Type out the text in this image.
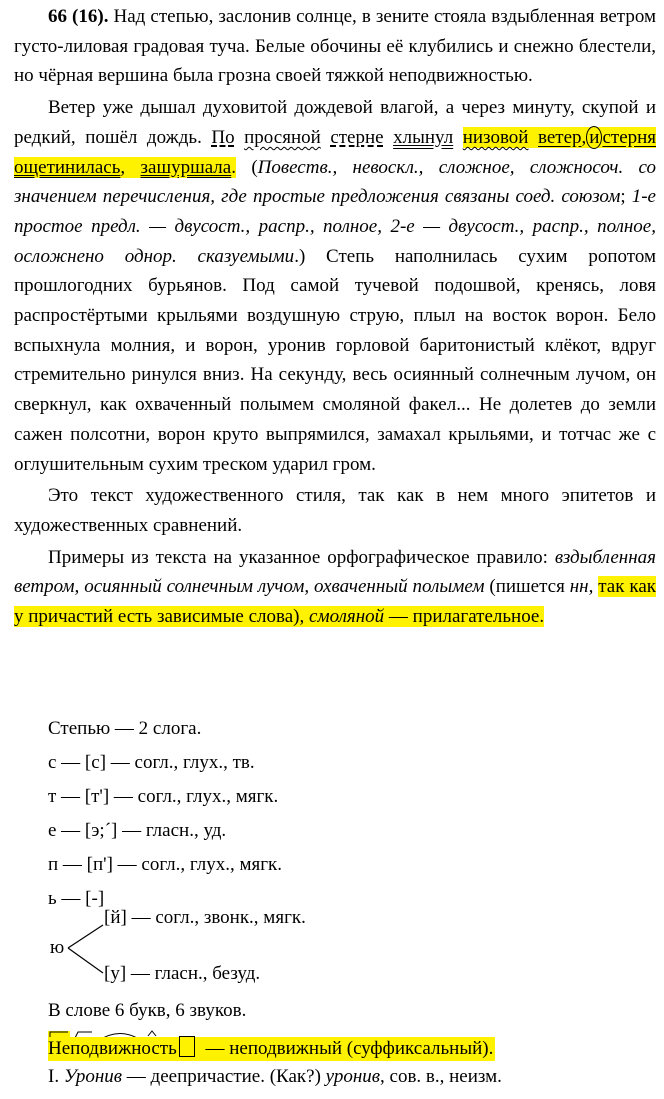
66 (16). Над степью, заслонив солнце, в зените стояла вздыбленная ветром густо-лиловая градовая туча. Белые обочины её клубились и снежно блестели, но чёрная вершина была грозна своей тяжкой неподвижностью.

Ветер уже дышал духовитой дождевой влагой, а через минуту, скупой и редкий, пошёл дождь. По просяной стерне хлынул низовой ветер, и стерня ощетинилась, зашуршала. (Повеств., невоскл., сложное, сложносоч. со значением перечисления, где простые предложения связаны соед. союзом; 1-е простое предл. — двусост., распр., полное, 2-е — двусост., распр., полное, осложнено однор. сказуемыми.) Степь наполнилась сухим ропотом прошлогодних бурьянов. Под самой тучевой подошвой, кренясь, ловя распростёртыми крыльями воздушную струю, плыл на восток ворон. Бело вспыхнула молния, и ворон, уронив горловой баритонистый клёкот, вдруг стремительно ринулся вниз. На секунду, весь осиянный солнечным лучом, он сверкнул, как охваченный полымем смоляной факел... Не долетев до земли сажен полсотни, ворон круто выпрямился, замахал крыльями, и тотчас же с оглушительным сухим треском ударил гром.

Это текст художественного стиля, так как в нем много эпитетов и художественных сравнений.

Примеры из текста на указанное орфографическое правило: вздыбленная ветром, осиянный солнечным лучом, охваченный полымем (пишется нн, так как у причастий есть зависимые слова), смоляной — прилагательное.

Степью — 2 слога.
с — [с] — согл., глух., тв.
т — [т'] — согл., глух., мягк.
е — [э;´] — гласн., уд.
п — [п'] — согл., глух., мягк.
ь — [-]
ю
[й] — согл., звонк., мягк.
[у] — гласн., безуд.
В слове 6 букв, 6 звуков.
Неподвижность — неподвижный (суффиксальный).
I. Уронив — деепричастие. (Как?) уронив, сов. в., неизм.
